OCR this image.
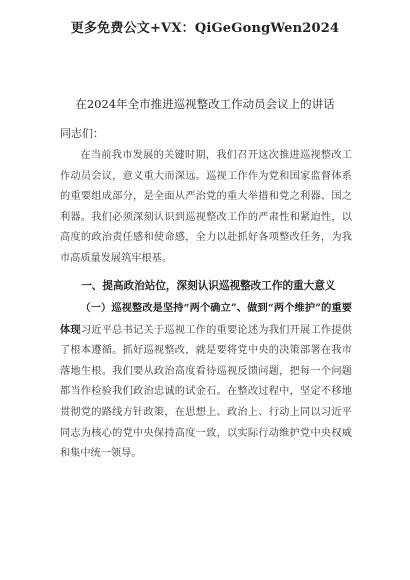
更多免费公文+VX：QiGeGongWen2024
在2024年全市推进巡视整改工作动员会议上的讲话
同志们：

在当前我市发展的关键时期，我们召开这次推进巡视整改工作动员会议，意义重大而深远。巡视工作作为党和国家监督体系的重要组成部分，是全面从严治党的重大举措和党之利器、国之利器。我们必须深刻认识到巡视整改工作的严肃性和紧迫性，以高度的政治责任感和使命感，全力以赴抓好各项整改任务，为我市高质量发展筑牢根基。

一、提高政治站位，深刻认识巡视整改工作的重大意义

（一）巡视整改是坚持“两个确立”、做到“两个维护”的重要体现习近平总书记关于巡视工作的重要论述为我们开展工作提供了根本遵循。抓好巡视整改，就是要将党中央的决策部署在我市落地生根。我们要从政治高度看待巡视反馈问题，把每一个问题都当作检验我们政治忠诚的试金石。在整改过程中，坚定不移地贯彻党的路线方针政策，在思想上、政治上、行动上同以习近平同志为核心的党中央保持高度一致，以实际行动维护党中央权威和集中统一领导。
